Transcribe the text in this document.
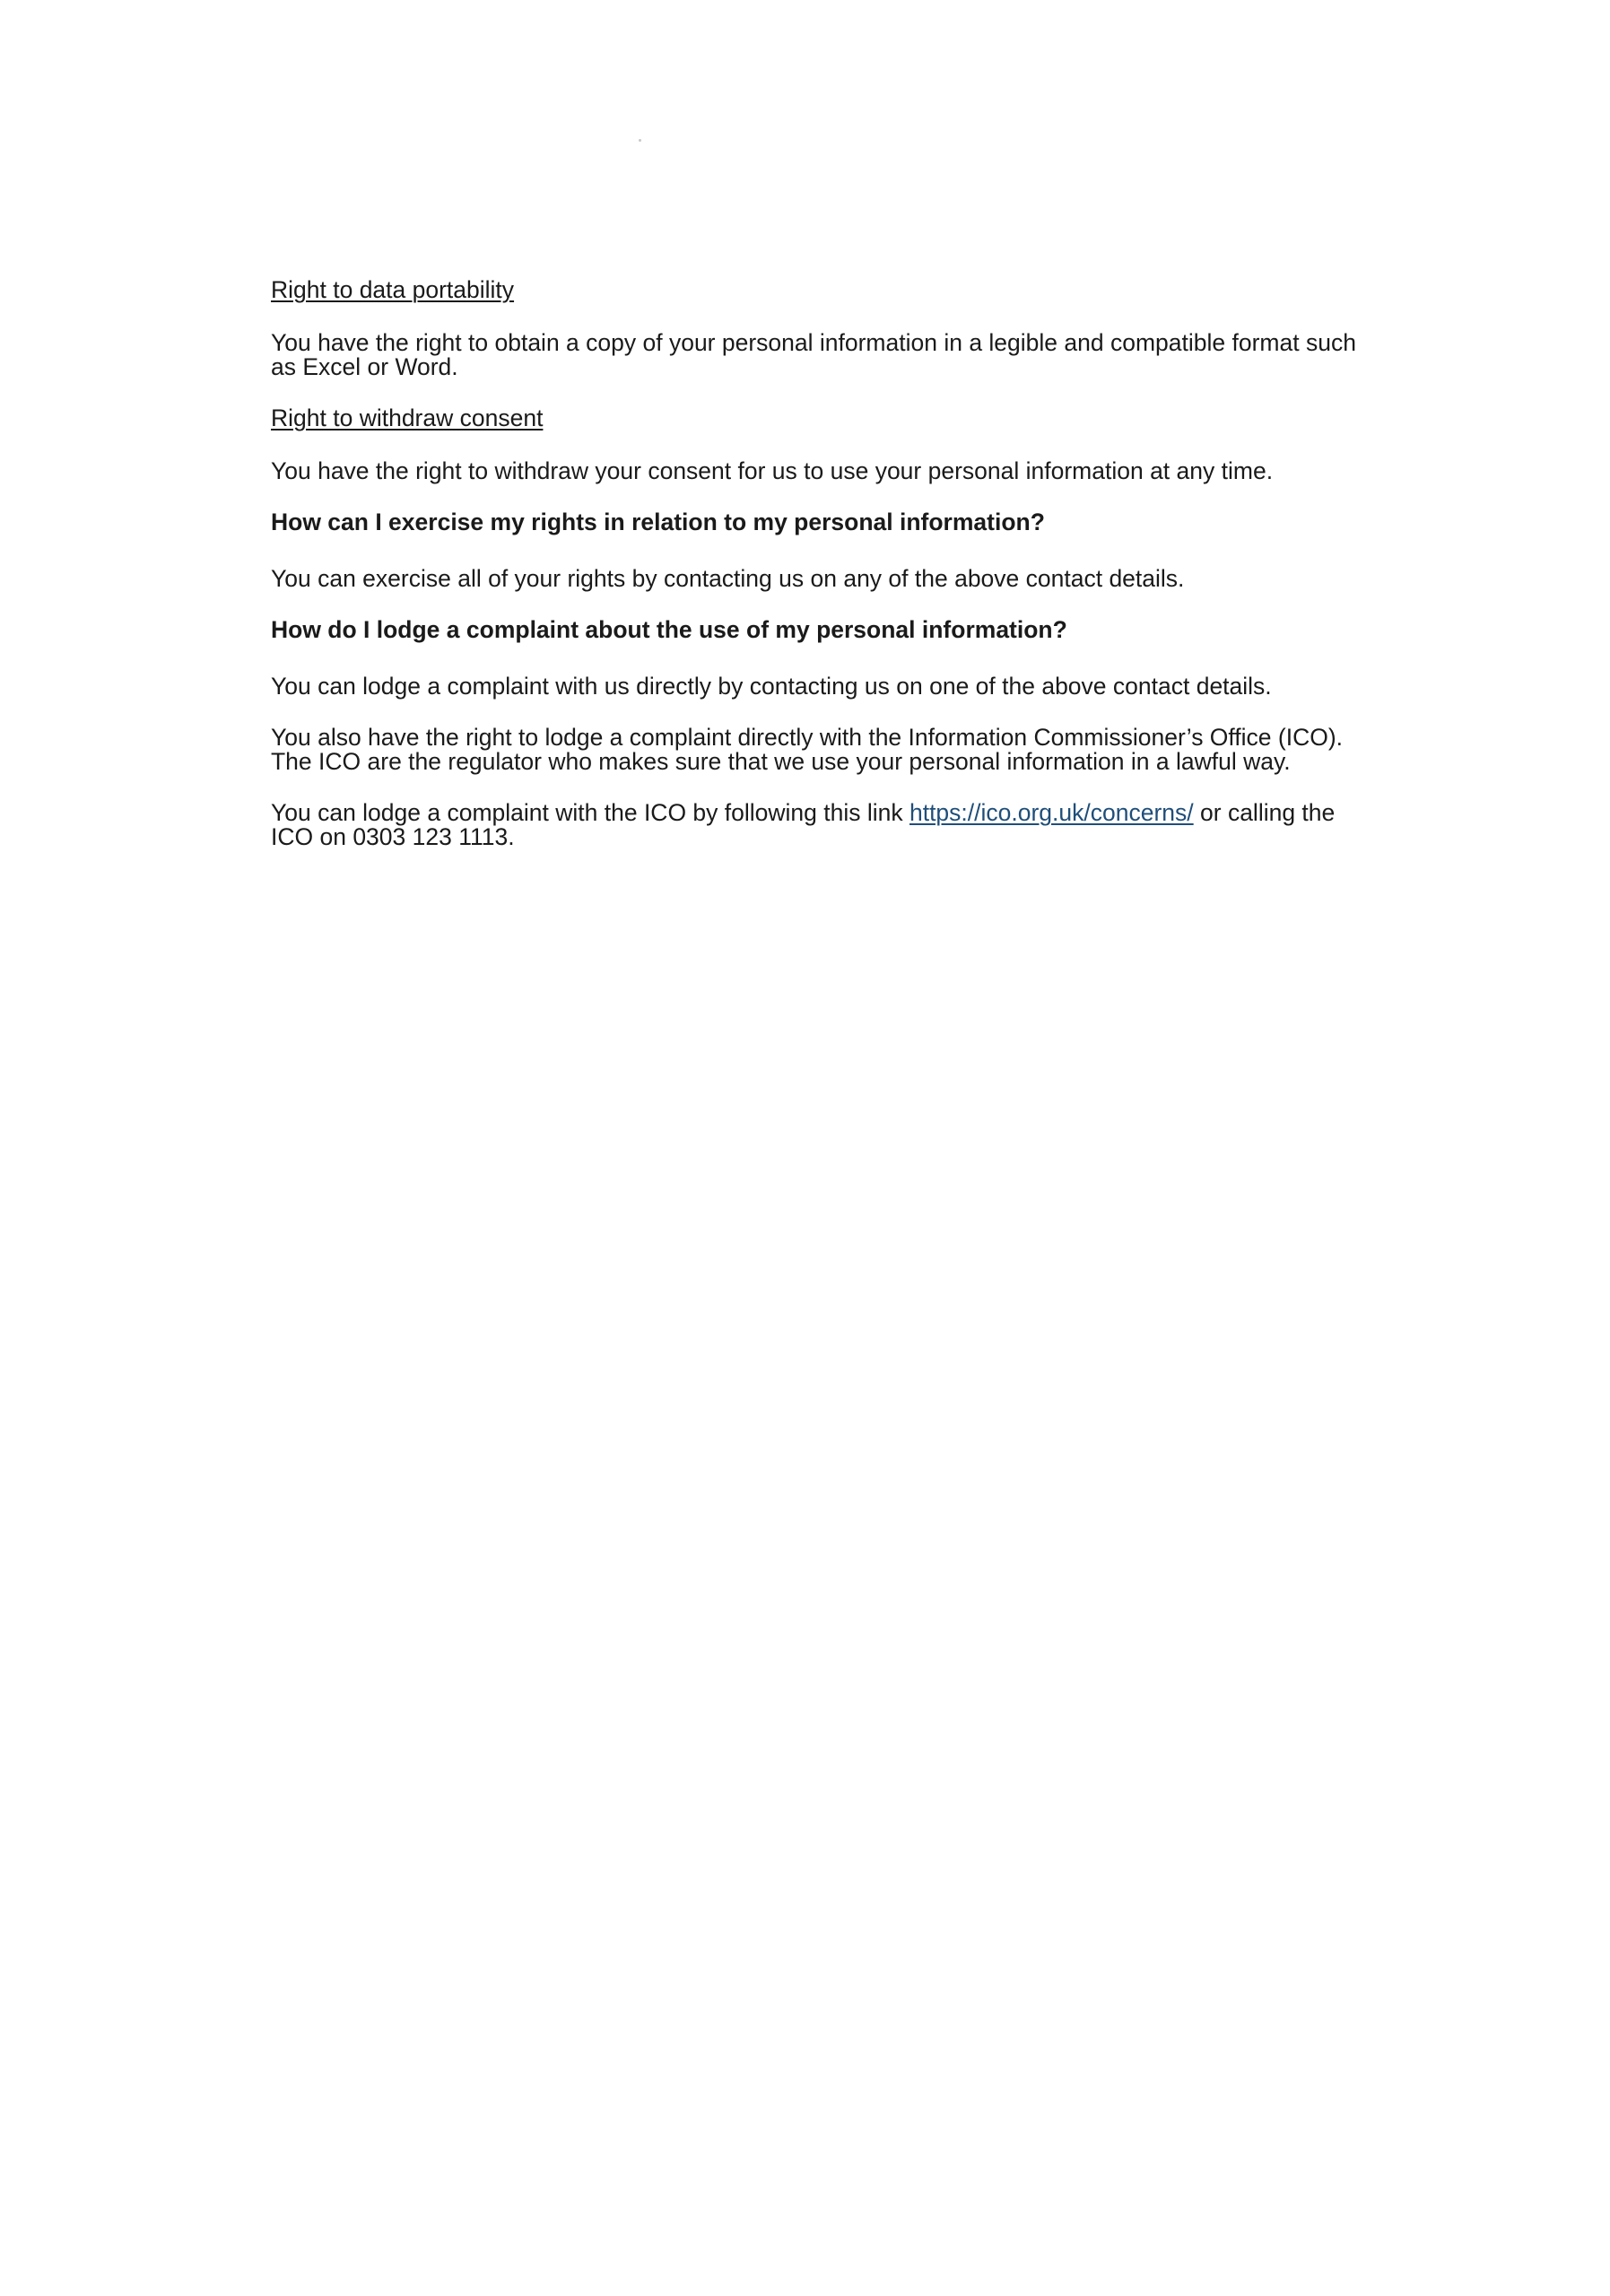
Right to data portability

You have the right to obtain a copy of your personal information in a legible and compatible format such as Excel or Word.

Right to withdraw consent

You have the right to withdraw your consent for us to use your personal information at any time.

How can I exercise my rights in relation to my personal information?

You can exercise all of your rights by contacting us on any of the above contact details.

How do I lodge a complaint about the use of my personal information?

You can lodge a complaint with us directly by contacting us on one of the above contact details.

You also have the right to lodge a complaint directly with the Information Commissioner’s Office (ICO). The ICO are the regulator who makes sure that we use your personal information in a lawful way.

You can lodge a complaint with the ICO by following this link https://ico.org.uk/concerns/ or calling the ICO on 0303 123 1113.
